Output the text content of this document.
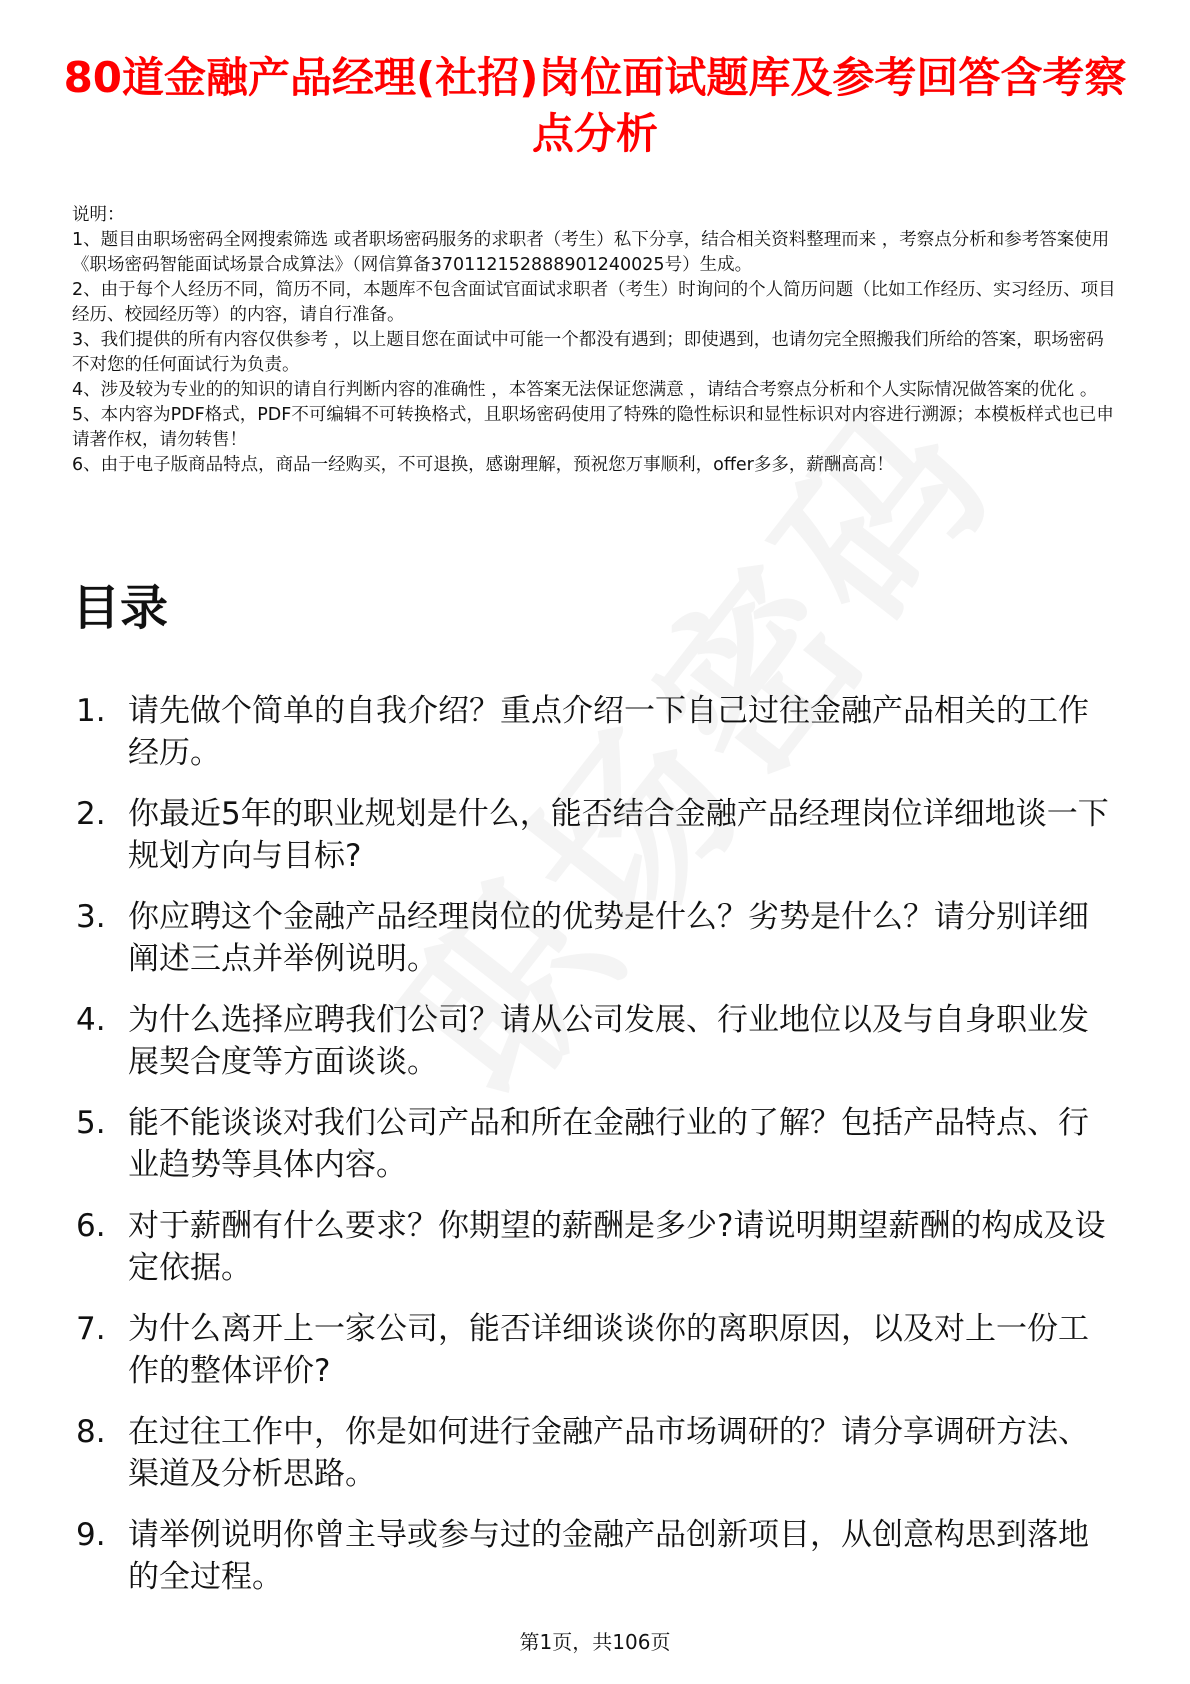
80道金融产品经理(社招)岗位面试题库及参考回答含考察点分析
说明：
1、题目由职场密码全网搜索筛选 或者职场密码服务的求职者（考生）私下分享，结合相关资料整理而来 ，考察点分析和参考答案使用《职场密码智能面试场景合成算法》（网信算备370112152888901240025号）生成。
2、由于每个人经历不同，简历不同，本题库不包含面试官面试求职者（考生）时询问的个人简历问题（比如工作经历、实习经历、项目经历、校园经历等）的内容，请自行准备。
3、我们提供的所有内容仅供参考 ，以上题目您在面试中可能一个都没有遇到；即使遇到，也请勿完全照搬我们所给的答案，职场密码不对您的任何面试行为负责。
4、涉及较为专业的的知识的请自行判断内容的准确性 ，本答案无法保证您满意 ，请结合考察点分析和个人实际情况做答案的优化 。
5、本内容为PDF格式，PDF不可编辑不可转换格式，且职场密码使用了特殊的隐性标识和显性标识对内容进行溯源；本模板样式也已申请著作权，请勿转售！
6、由于电子版商品特点，商品一经购买，不可退换，感谢理解，预祝您万事顺利，offer多多，薪酬高高！
目录
1. 请先做个简单的自我介绍？重点介绍一下自己过往金融产品相关的工作经历。
2. 你最近5年的职业规划是什么，能否结合金融产品经理岗位详细地谈一下规划方向与目标?
3. 你应聘这个金融产品经理岗位的优势是什么？劣势是什么？请分别详细阐述三点并举例说明。
4. 为什么选择应聘我们公司？请从公司发展、行业地位以及与自身职业发展契合度等方面谈谈。
5. 能不能谈谈对我们公司产品和所在金融行业的了解？包括产品特点、行业趋势等具体内容。
6. 对于薪酬有什么要求？你期望的薪酬是多少?请说明期望薪酬的构成及设定依据。
7. 为什么离开上一家公司，能否详细谈谈你的离职原因，以及对上一份工作的整体评价?
8. 在过往工作中，你是如何进行金融产品市场调研的？请分享调研方法、渠道及分析思路。
9. 请举例说明你曾主导或参与过的金融产品创新项目，从创意构思到落地的全过程。
第1页，共106页
